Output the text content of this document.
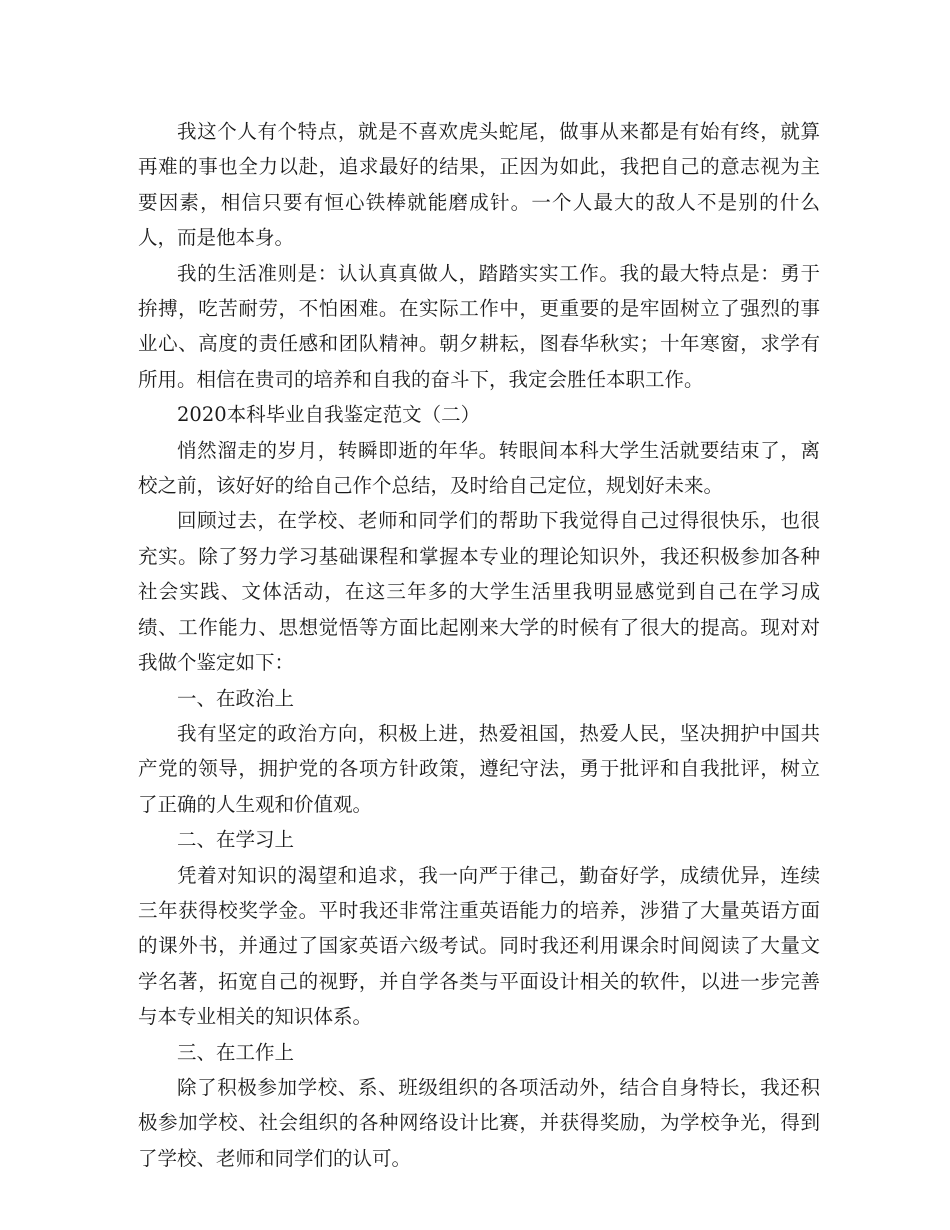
我这个人有个特点，就是不喜欢虎头蛇尾，做事从来都是有始有终，就算再难的事也全力以赴，追求最好的结果，正因为如此，我把自己的意志视为主要因素，相信只要有恒心铁棒就能磨成针。一个人最大的敌人不是别的什么人，而是他本身。

我的生活准则是：认认真真做人，踏踏实实工作。我的最大特点是：勇于拚搏，吃苦耐劳，不怕困难。在实际工作中，更重要的是牢固树立了强烈的事业心、高度的责任感和团队精神。朝夕耕耘，图春华秋实；十年寒窗，求学有所用。相信在贵司的培养和自我的奋斗下，我定会胜任本职工作。

2020本科毕业自我鉴定范文（二）

悄然溜走的岁月，转瞬即逝的年华。转眼间本科大学生活就要结束了，离校之前，该好好的给自己作个总结，及时给自己定位，规划好未来。

回顾过去，在学校、老师和同学们的帮助下我觉得自己过得很快乐，也很充实。除了努力学习基础课程和掌握本专业的理论知识外，我还积极参加各种社会实践、文体活动，在这三年多的大学生活里我明显感觉到自己在学习成绩、工作能力、思想觉悟等方面比起刚来大学的时候有了很大的提高。现对对我做个鉴定如下：

一、在政治上

我有坚定的政治方向，积极上进，热爱祖国，热爱人民，坚决拥护中国共产党的领导，拥护党的各项方针政策，遵纪守法，勇于批评和自我批评，树立了正确的人生观和价值观。

二、在学习上

凭着对知识的渴望和追求，我一向严于律己，勤奋好学，成绩优异，连续三年获得校奖学金。平时我还非常注重英语能力的培养，涉猎了大量英语方面的课外书，并通过了国家英语六级考试。同时我还利用课余时间阅读了大量文学名著，拓宽自己的视野，并自学各类与平面设计相关的软件，以进一步完善与本专业相关的知识体系。

三、在工作上

除了积极参加学校、系、班级组织的各项活动外，结合自身特长，我还积极参加学校、社会组织的各种网络设计比赛，并获得奖励，为学校争光，得到了学校、老师和同学们的认可。
